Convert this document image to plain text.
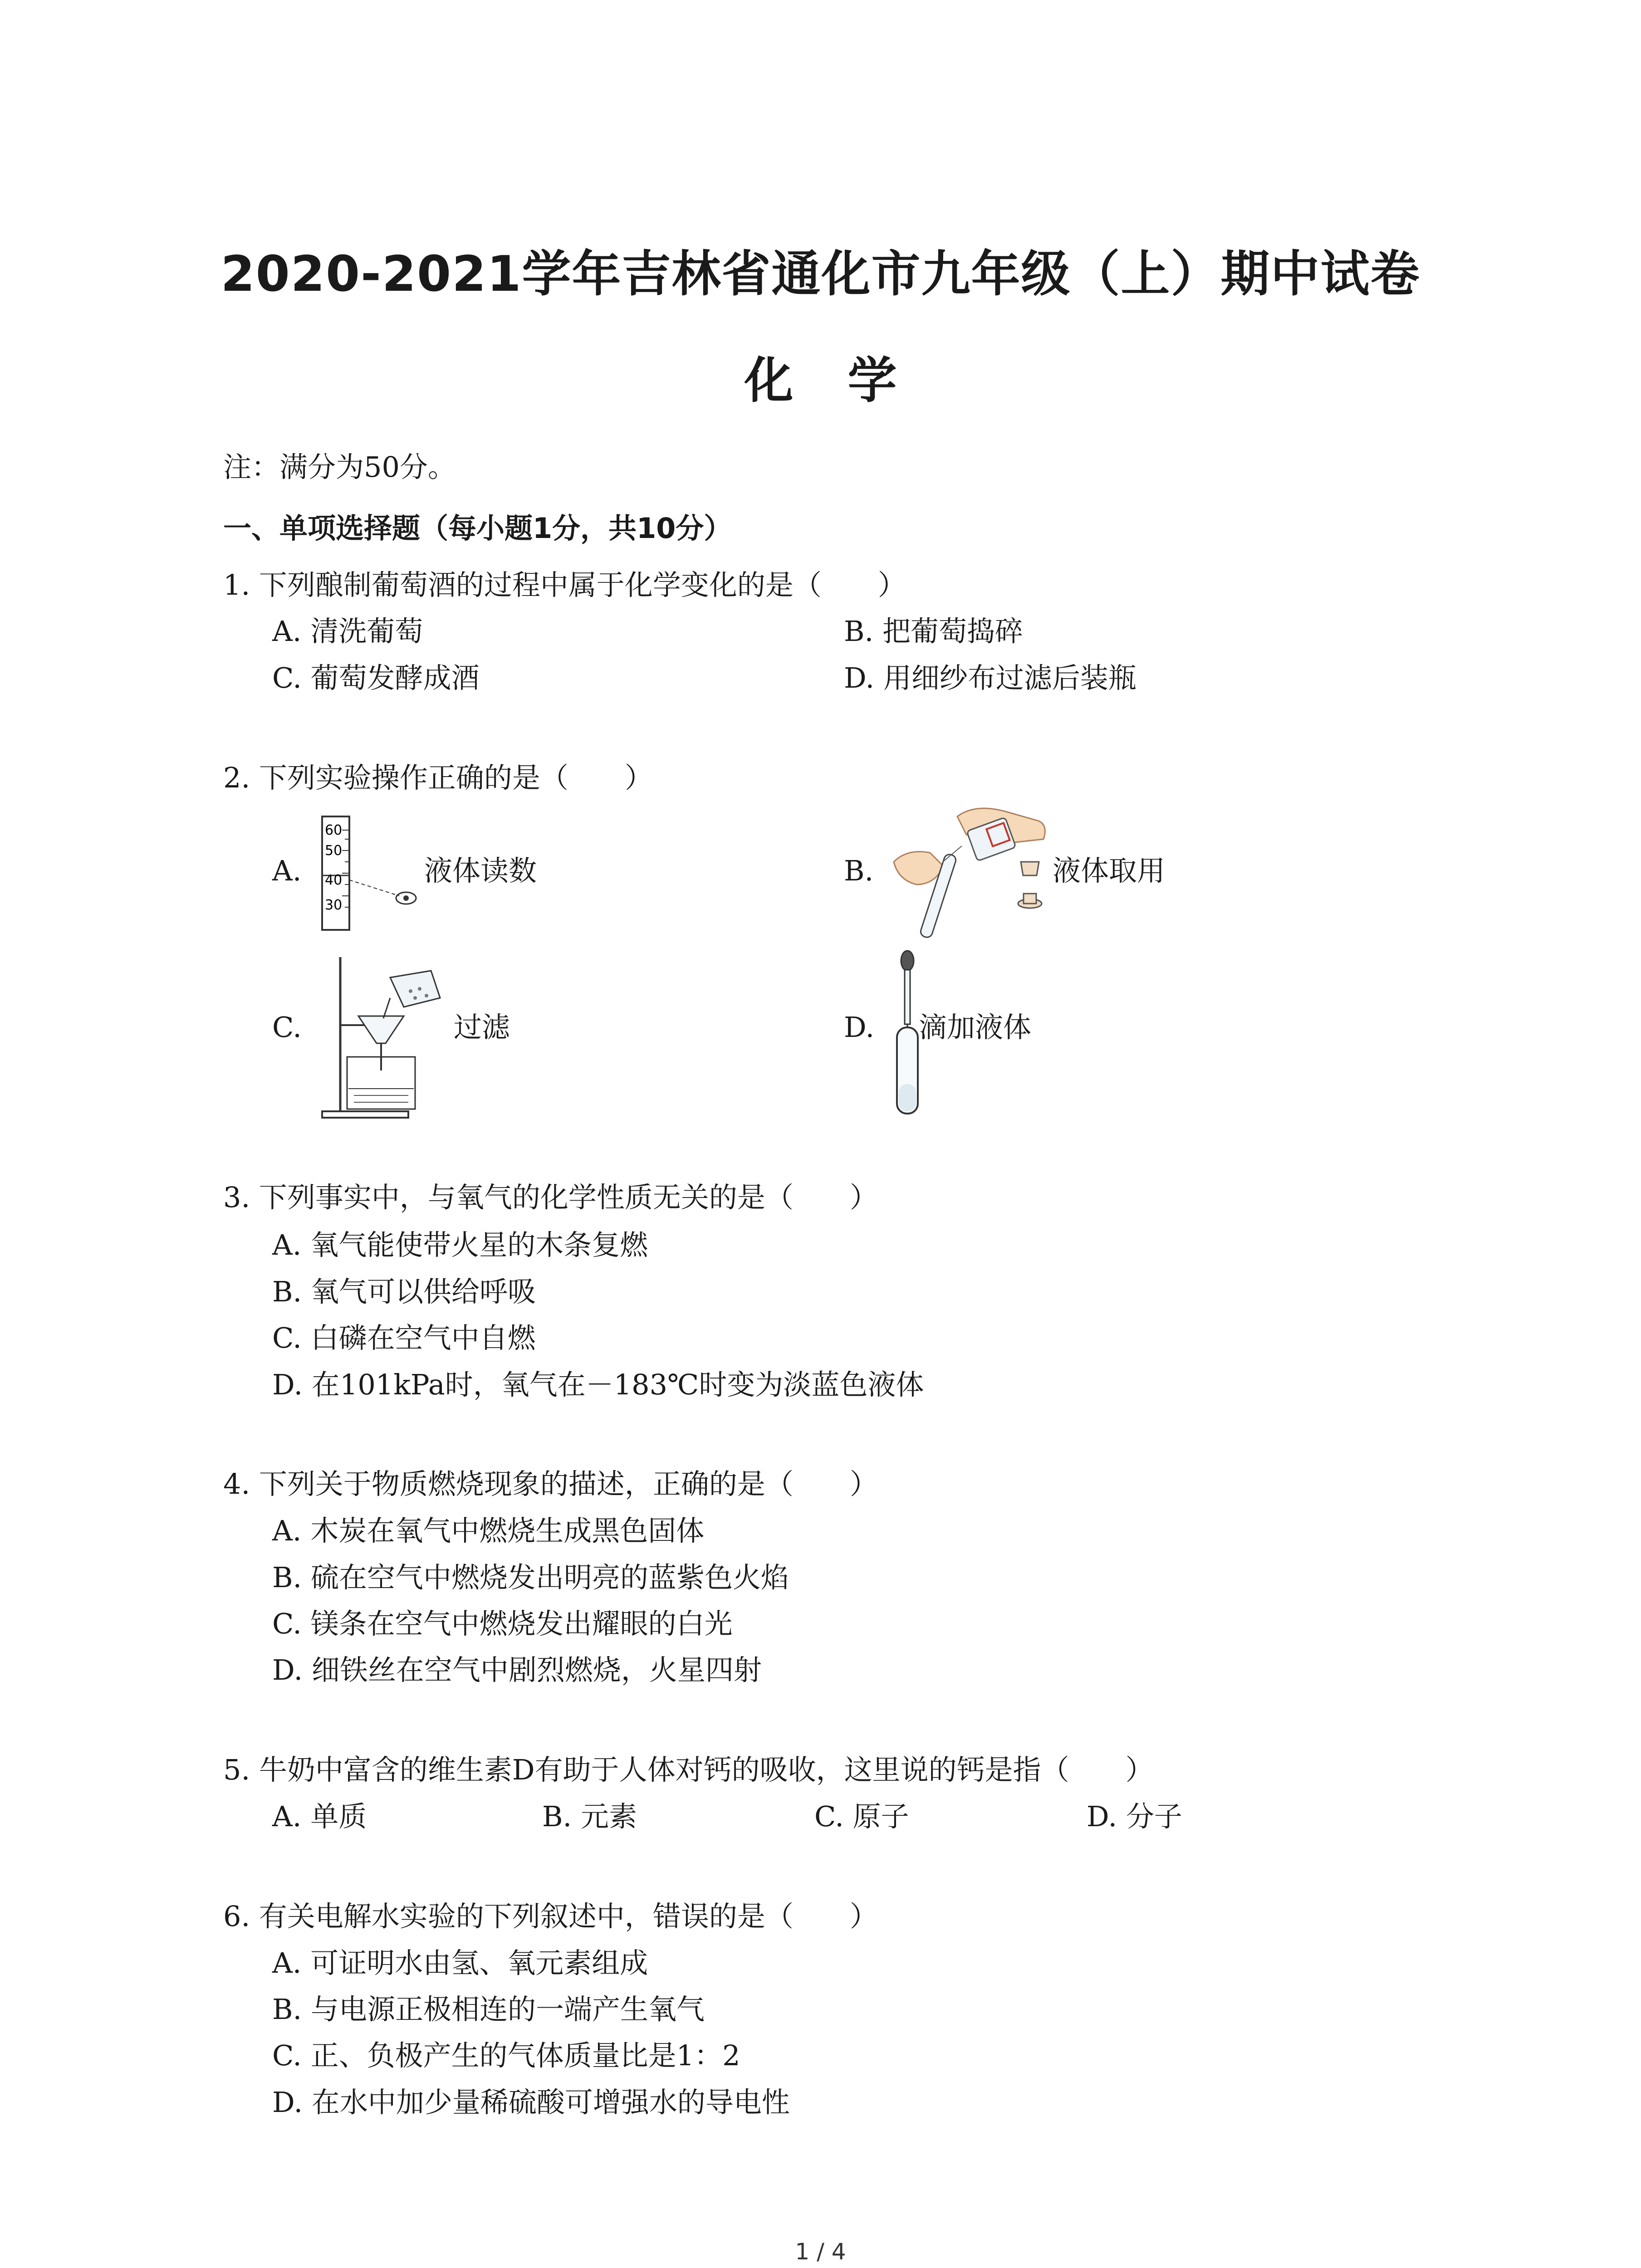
2020-2021学年吉林省通化市九年级（上）期中试卷
化学
注：满分为50分。
一、单项选择题（每小题1分，共10分）
1. 下列酿制葡萄酒的过程中属于化学变化的是（　　）
A. 清洗葡萄	B. 把葡萄捣碎
C. 葡萄发酵成酒	D. 用细纱布过滤后装瓶
2. 下列实验操作正确的是（　　）
A.
60
50
40
30
液体读数	B.	液体取用
C.	过滤	D. 滴加液体
3. 下列事实中，与氧气的化学性质无关的是（　　）
A. 氧气能使带火星的木条复燃
B. 氧气可以供给呼吸
C. 白磷在空气中自燃
D. 在101kPa时，氧气在－183℃时变为淡蓝色液体
4. 下列关于物质燃烧现象的描述，正确的是（　　）
A. 木炭在氧气中燃烧生成黑色固体
B. 硫在空气中燃烧发出明亮的蓝紫色火焰
C. 镁条在空气中燃烧发出耀眼的白光
D. 细铁丝在空气中剧烈燃烧，火星四射
5. 牛奶中富含的维生素D有助于人体对钙的吸收，这里说的钙是指（　　）
A. 单质	B. 元素	C. 原子	D. 分子
6. 有关电解水实验的下列叙述中，错误的是（　　）
A. 可证明水由氢、氧元素组成
B. 与电源正极相连的一端产生氧气
C. 正、负极产生的气体质量比是1：2
D. 在水中加少量稀硫酸可增强水的导电性
1 / 4
